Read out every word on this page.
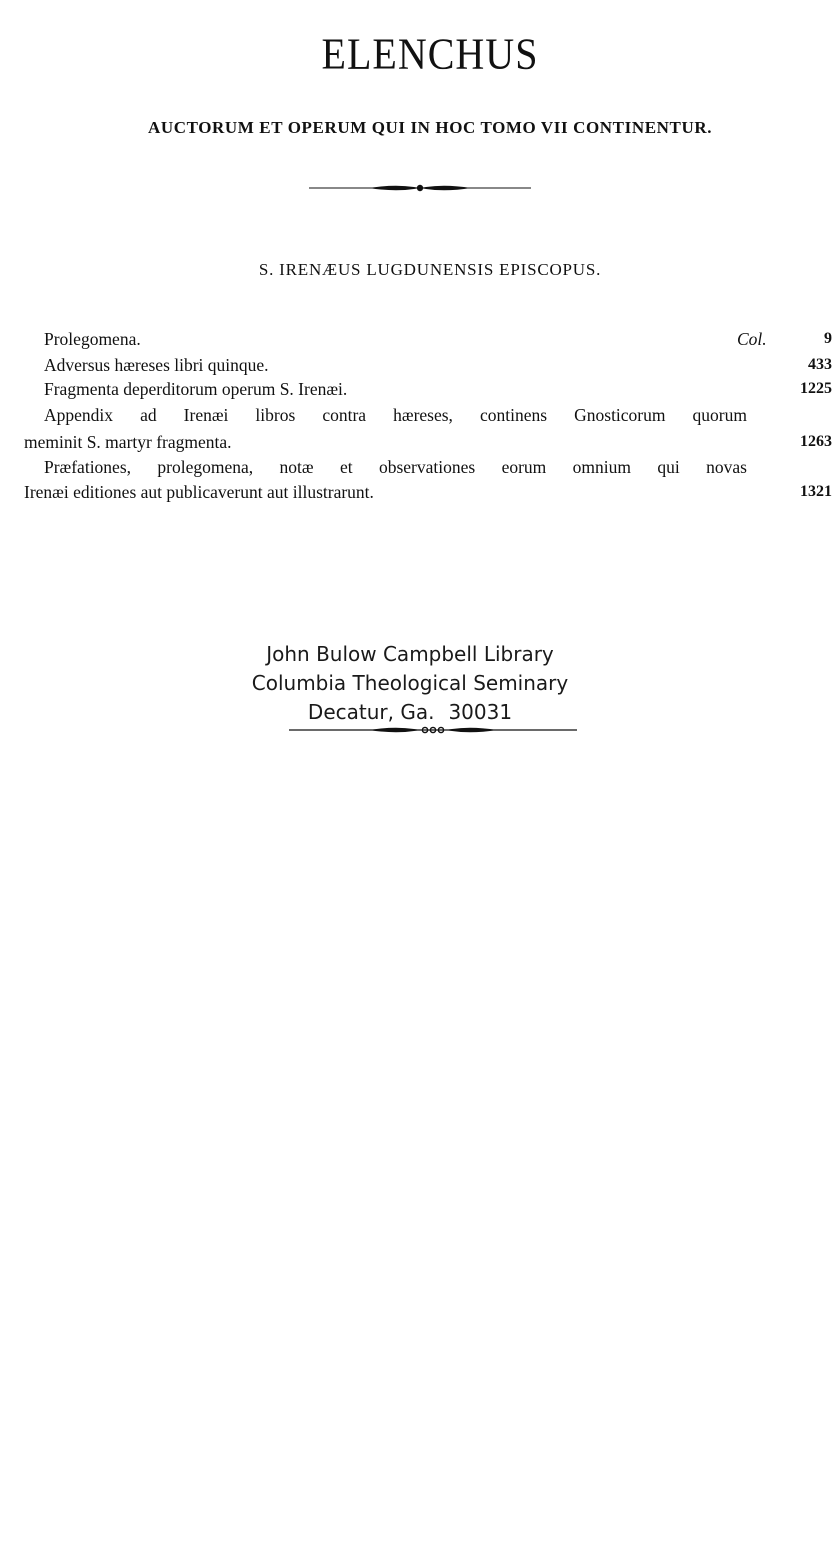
ELENCHUS

AUCTORUM ET OPERUM QUI IN HOC TOMO VII CONTINENTUR.

S. IRENÆUS LUGDUNENSIS EPISCOPUS.

Prolegomena.	Col.	9
Adversus hæreses libri quinque.	433
Fragmenta deperditorum operum S. Irenæi.	1225
Appendix ad Irenæi libros contra hæreses, continens Gnosticorum quorum
meminit S. martyr fragmenta.	1263
Præfationes, prolegomena, notæ et observationes eorum omnium qui novas
Irenæi editiones aut publicaverunt aut illustrarunt.	1321
John Bulow Campbell Library
Columbia Theological Seminary
Decatur, Ga. 30031
